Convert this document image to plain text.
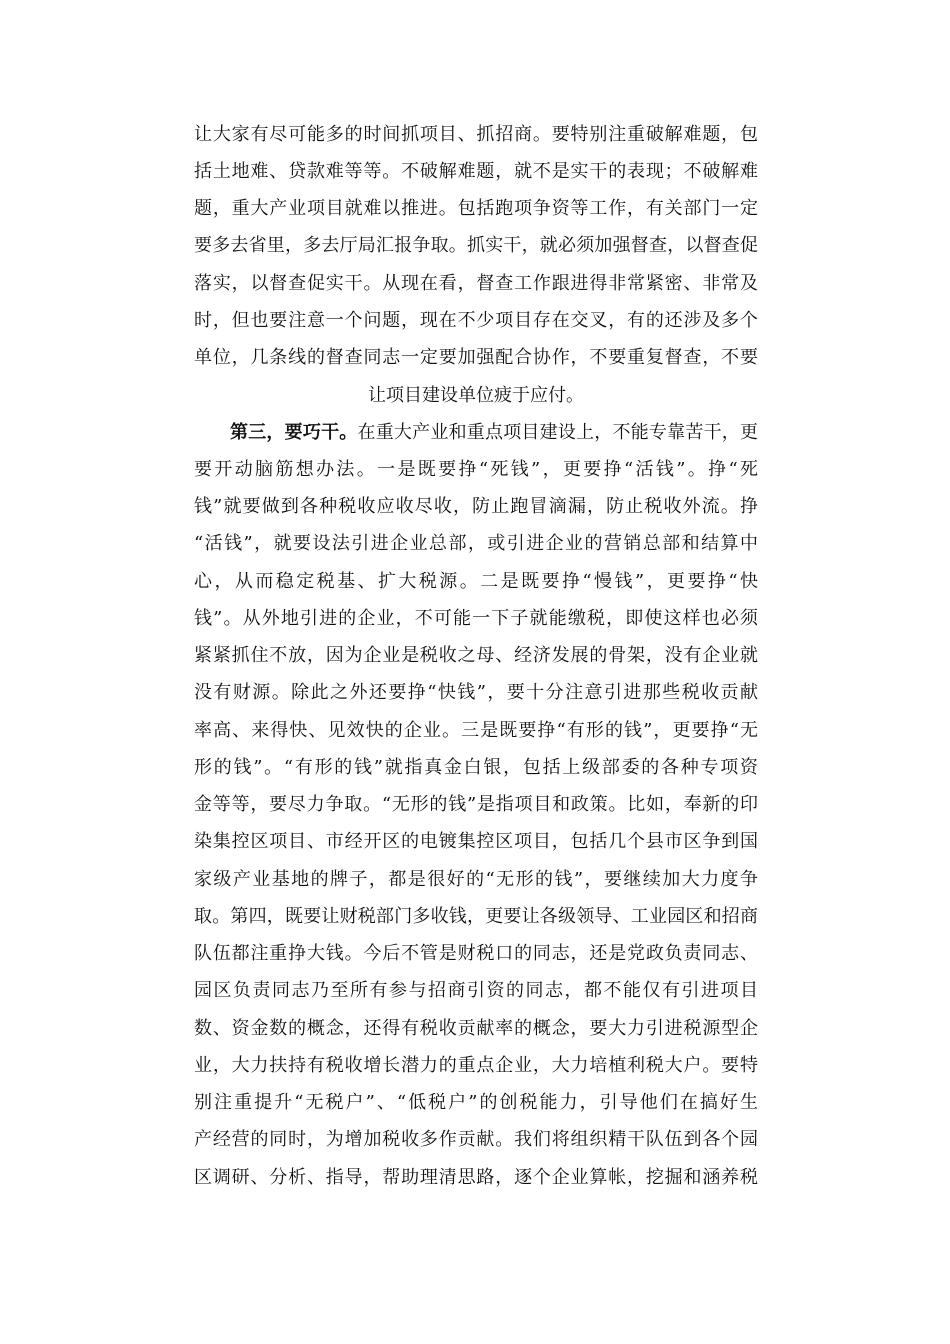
让大家有尽可能多的时间抓项目、抓招商。要特别注重破解难题，包
括土地难、贷款难等等。不破解难题，就不是实干的表现；不破解难
题，重大产业项目就难以推进。包括跑项争资等工作，有关部门一定
要多去省里，多去厅局汇报争取。抓实干，就必须加强督查，以督查促
落实，以督查促实干。从现在看，督查工作跟进得非常紧密、非常及
时，但也要注意一个问题，现在不少项目存在交叉，有的还涉及多个
单位，几条线的督查同志一定要加强配合协作，不要重复督查，不要
让项目建设单位疲于应付。
第三，要巧干。在重大产业和重点项目建设上，不能专靠苦干，更
要开动脑筋想办法。一是既要挣“死钱”，更要挣“活钱”。挣“死
钱”就要做到各种税收应收尽收，防止跑冒滴漏，防止税收外流。挣
“活钱”，就要设法引进企业总部，或引进企业的营销总部和结算中
心，从而稳定税基、扩大税源。二是既要挣“慢钱”，更要挣“快
钱”。从外地引进的企业，不可能一下子就能缴税，即使这样也必须
紧紧抓住不放，因为企业是税收之母、经济发展的骨架，没有企业就
没有财源。除此之外还要挣“快钱”，要十分注意引进那些税收贡献
率高、来得快、见效快的企业。三是既要挣“有形的钱”，更要挣“无
形的钱”。“有形的钱”就指真金白银，包括上级部委的各种专项资
金等等，要尽力争取。“无形的钱”是指项目和政策。比如，奉新的印
染集控区项目、市经开区的电镀集控区项目，包括几个县市区争到国
家级产业基地的牌子，都是很好的“无形的钱”，要继续加大力度争
取。第四，既要让财税部门多收钱，更要让各级领导、工业园区和招商
队伍都注重挣大钱。今后不管是财税口的同志，还是党政负责同志、
园区负责同志乃至所有参与招商引资的同志，都不能仅有引进项目
数、资金数的概念，还得有税收贡献率的概念，要大力引进税源型企
业，大力扶持有税收增长潜力的重点企业，大力培植利税大户。要特
别注重提升“无税户”、“低税户”的创税能力，引导他们在搞好生
产经营的同时，为增加税收多作贡献。我们将组织精干队伍到各个园
区调研、分析、指导，帮助理清思路，逐个企业算帐，挖掘和涵养税
